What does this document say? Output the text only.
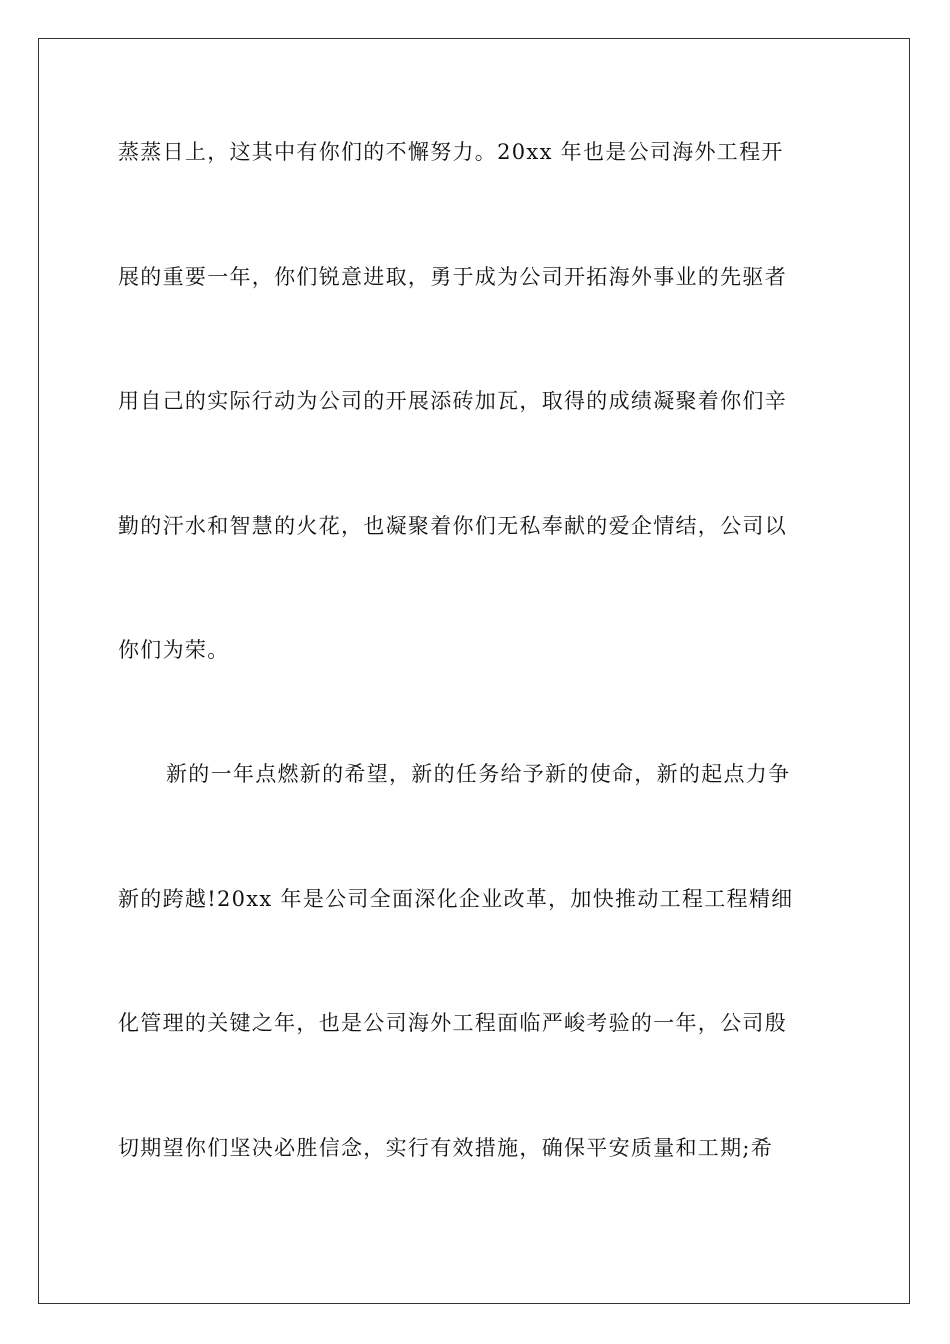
蒸蒸日上，这其中有你们的不懈努力。20xx 年也是公司海外工程开
展的重要一年，你们锐意进取，勇于成为公司开拓海外事业的先驱者
用自己的实际行动为公司的开展添砖加瓦，取得的成绩凝聚着你们辛
勤的汗水和智慧的火花，也凝聚着你们无私奉献的爱企情结，公司以
你们为荣。
新的一年点燃新的希望，新的任务给予新的使命，新的起点力争
新的跨越!20xx 年是公司全面深化企业改革，加快推动工程工程精细
化管理的关键之年，也是公司海外工程面临严峻考验的一年，公司殷
切期望你们坚决必胜信念，实行有效措施，确保平安质量和工期;希
